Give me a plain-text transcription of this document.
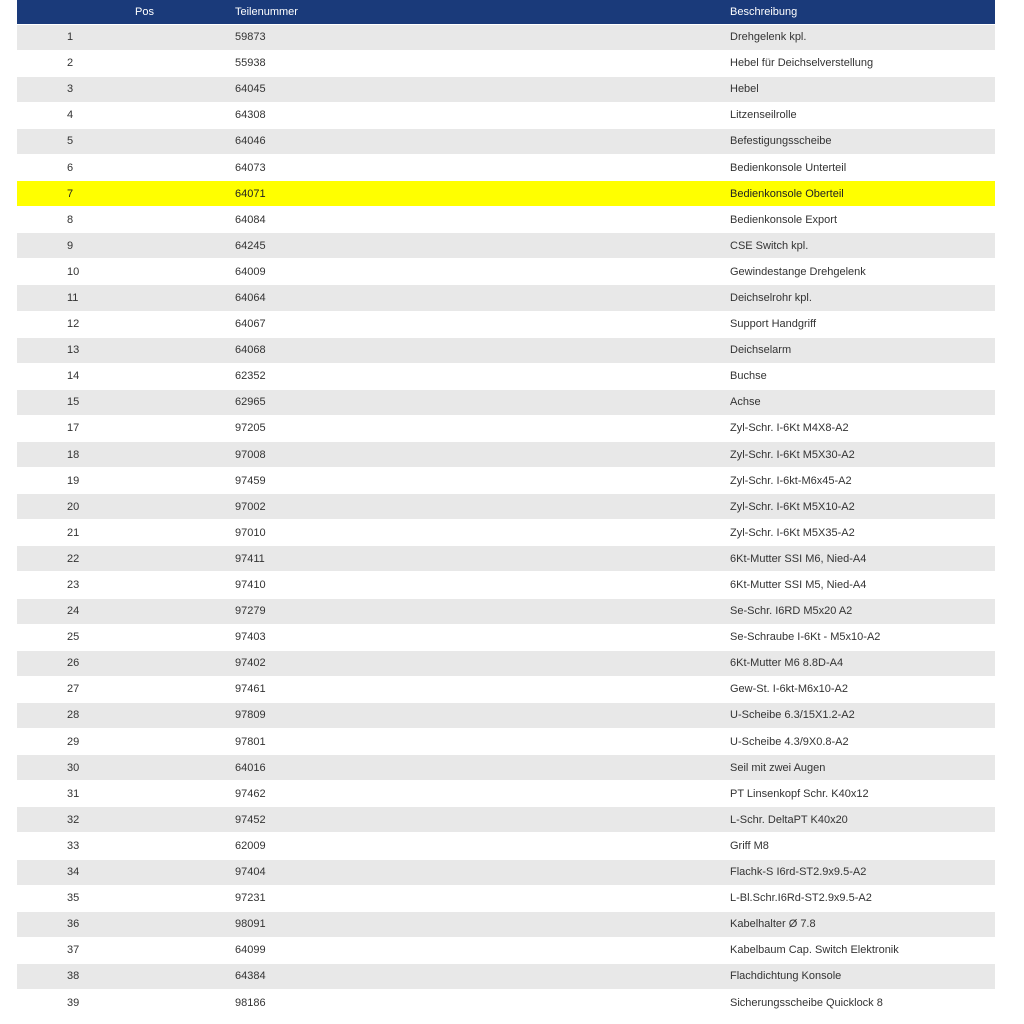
Pos	Teilenummer	Beschreibung
1	59873	Drehgelenk kpl.
2	55938	Hebel für Deichselverstellung
3	64045	Hebel
4	64308	Litzenseilrolle
5	64046	Befestigungsscheibe
6	64073	Bedienkonsole Unterteil
7	64071	Bedienkonsole Oberteil
8	64084	Bedienkonsole Export
9	64245	CSE Switch kpl.
10	64009	Gewindestange Drehgelenk
11	64064	Deichselrohr kpl.
12	64067	Support Handgriff
13	64068	Deichselarm
14	62352	Buchse
15	62965	Achse
17	97205	Zyl-Schr. I-6Kt M4X8-A2
18	97008	Zyl-Schr. I-6Kt M5X30-A2
19	97459	Zyl-Schr. I-6kt-M6x45-A2
20	97002	Zyl-Schr. I-6Kt M5X10-A2
21	97010	Zyl-Schr. I-6Kt M5X35-A2
22	97411	6Kt-Mutter SSI M6, Nied-A4
23	97410	6Kt-Mutter SSI M5, Nied-A4
24	97279	Se-Schr. I6RD M5x20 A2
25	97403	Se-Schraube I-6Kt - M5x10-A2
26	97402	6Kt-Mutter M6 8.8D-A4
27	97461	Gew-St. I-6kt-M6x10-A2
28	97809	U-Scheibe 6.3/15X1.2-A2
29	97801	U-Scheibe 4.3/9X0.8-A2
30	64016	Seil mit zwei Augen
31	97462	PT Linsenkopf Schr. K40x12
32	97452	L-Schr. DeltaPT K40x20
33	62009	Griff M8
34	97404	Flachk-S I6rd-ST2.9x9.5-A2
35	97231	L-Bl.Schr.I6Rd-ST2.9x9.5-A2
36	98091	Kabelhalter Ø 7.8
37	64099	Kabelbaum Cap. Switch Elektronik
38	64384	Flachdichtung Konsole
39	98186	Sicherungsscheibe Quicklock 8
